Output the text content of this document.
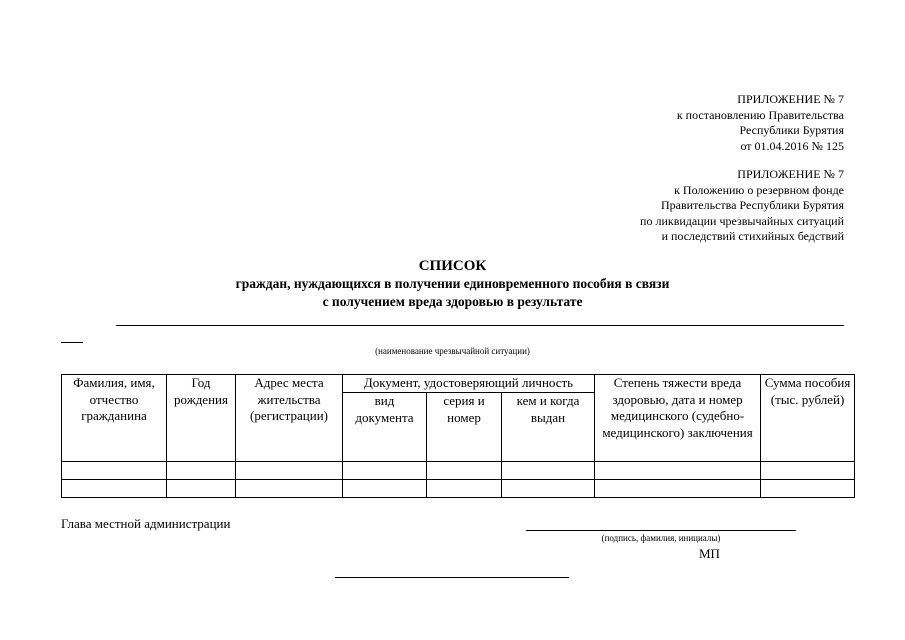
ПРИЛОЖЕНИЕ № 7
к постановлению Правительства
Республики Бурятия
от 01.04.2016 № 125
ПРИЛОЖЕНИЕ № 7
к Положению о резервном фонде
Правительства Республики Бурятия
по ликвидации чрезвычайных ситуаций
и последствий стихийных бедствий
СПИСОК
граждан, нуждающихся в получении единовременного пособия в связи
с получением вреда здоровью в результате
(наименование чрезвычайной ситуации)
Фамилия, имя, отчество гражданина	Год рождения	Адрес места жительства (регистрации)	Документ, удостоверяющий личность			Степень тяжести вреда здоровью, дата и номер медицинского (судебно-медицинского) заключения	Сумма пособия (тыс. рублей)
			вид документа	серия и номер	кем и когда выдан		

Глава местной администрации
(подпись, фамилия, инициалы)
МП
